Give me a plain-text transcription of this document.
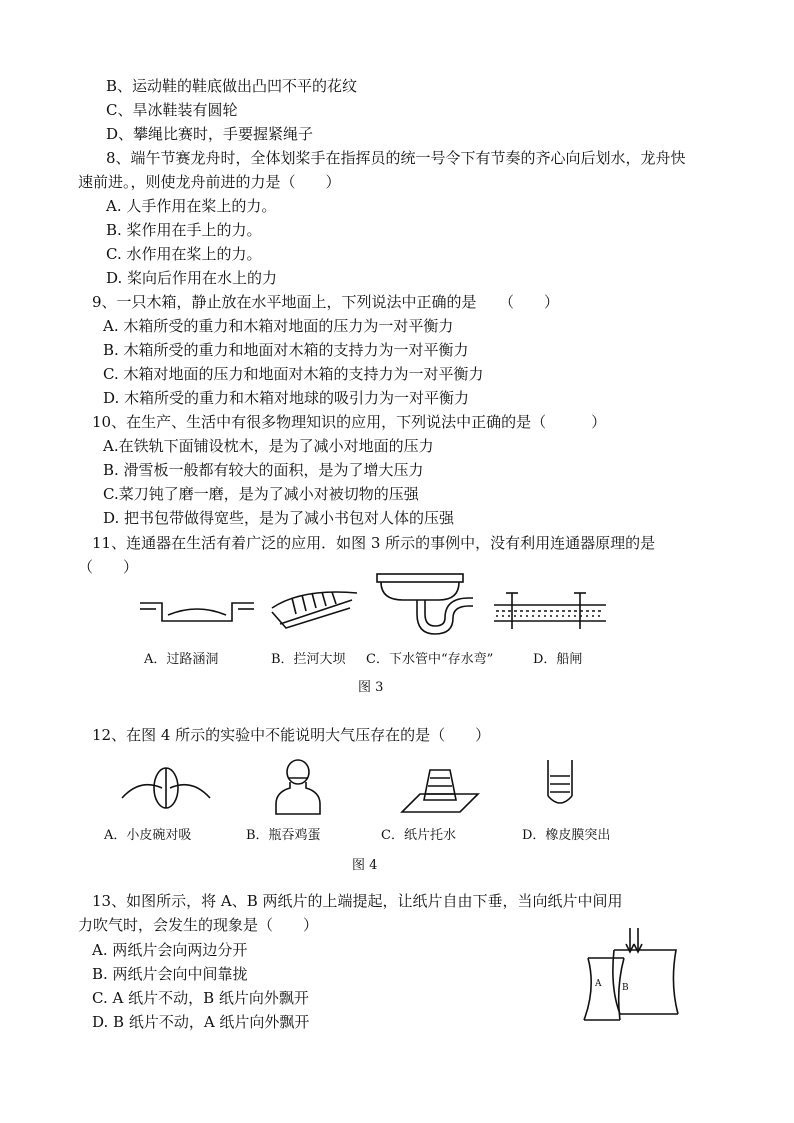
B、运动鞋的鞋底做出凸凹不平的花纹
C、旱冰鞋装有圆轮
D、攀绳比赛时，手要握紧绳子
8、端午节赛龙舟时，全体划桨手在指挥员的统一号令下有节奏的齐心向后划水，龙舟快
速前进。，则使龙舟前进的力是（　　）
A. 人手作用在桨上的力。
B. 桨作用在手上的力。
C. 水作用在桨上的力。
D. 桨向后作用在水上的力
9、一只木箱，静止放在水平地面上，下列说法中正确的是　　（　　）
A. 木箱所受的重力和木箱对地面的压力为一对平衡力
B. 木箱所受的重力和地面对木箱的支持力为一对平衡力
C. 木箱对地面的压力和地面对木箱的支持力为一对平衡力
D. 木箱所受的重力和木箱对地球的吸引力为一对平衡力
10、在生产、生活中有很多物理知识的应用，下列说法中正确的是（　　　）
A.在铁轨下面铺设枕木，是为了减小对地面的压力
B. 滑雪板一般都有较大的面积，是为了增大压力
C.菜刀钝了磨一磨，是为了减小对被切物的压强
D. 把书包带做得宽些，是为了减小书包对人体的压强
11、连通器在生活有着广泛的应用．如图 3 所示的事例中，没有利用连通器原理的是
（　　）
A．过路涵洞	B．拦河大坝 C．下水管中“存水弯”	D．船闸
图 3
12、在图 4 所示的实验中不能说明大气压存在的是（　　）
A．小皮碗对吸	B．瓶吞鸡蛋	C．纸片托水	D．橡皮膜突出
图 4
13、如图所示，将 A、B 两纸片的上端提起，让纸片自由下垂，当向纸片中间用
力吹气时，会发生的现象是（　　）
A. 两纸片会向两边分开
B. 两纸片会向中间靠拢
C. A 纸片不动，B 纸片向外飘开
D. B 纸片不动，A 纸片向外飘开
A B
